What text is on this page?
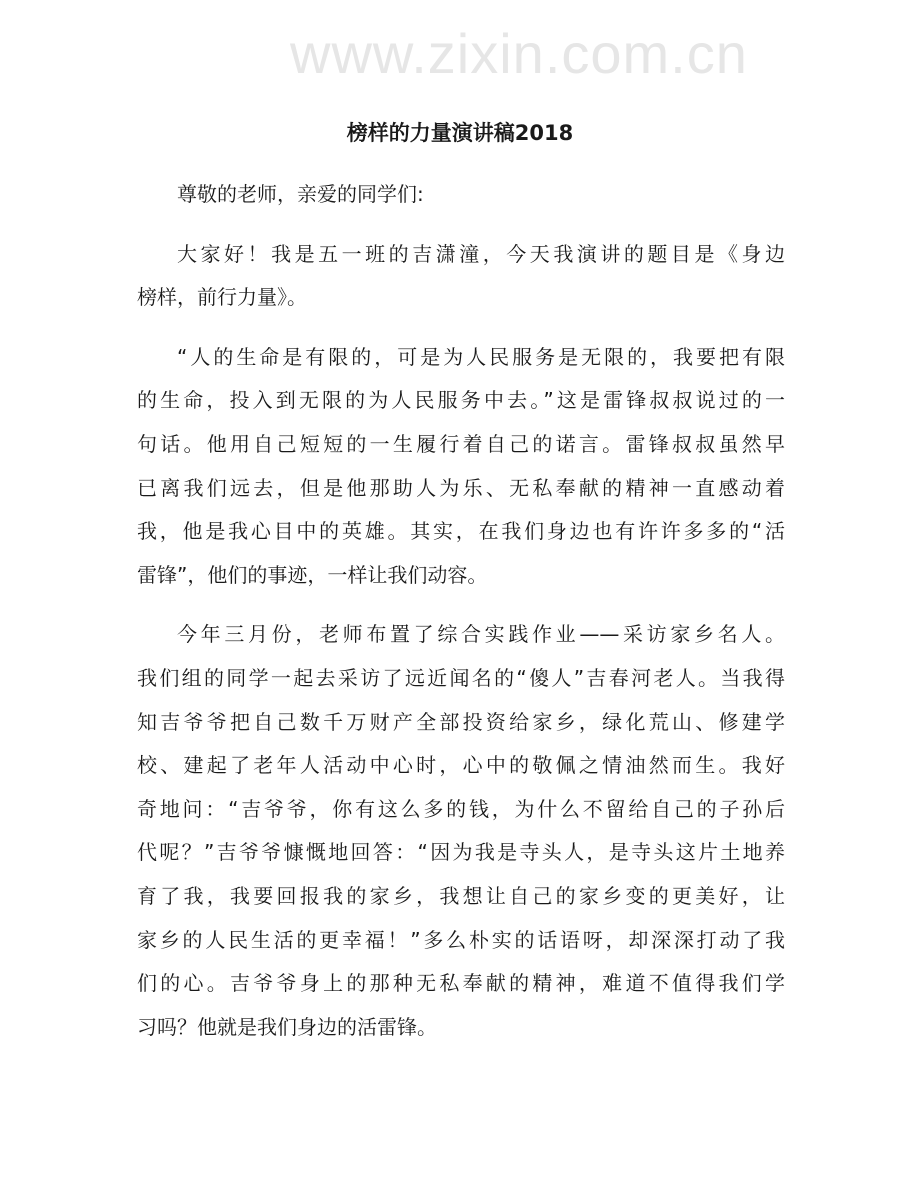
www.zixin.com.cn
榜样的力量演讲稿2018
尊敬的老师，亲爱的同学们:
大家好！我是五一班的吉潇潼，今天我演讲的题目是《身边
榜样，前行力量》。
“人的生命是有限的，可是为人民服务是无限的，我要把有限
的生命，投入到无限的为人民服务中去。”这是雷锋叔叔说过的一
句话。他用自己短短的一生履行着自己的诺言。雷锋叔叔虽然早
已离我们远去，但是他那助人为乐、无私奉献的精神一直感动着
我，他是我心目中的英雄。其实，在我们身边也有许许多多的“活
雷锋”，他们的事迹，一样让我们动容。
今年三月份，老师布置了综合实践作业——采访家乡名人。
我们组的同学一起去采访了远近闻名的“傻人”吉春河老人。当我得
知吉爷爷把自己数千万财产全部投资给家乡，绿化荒山、修建学
校、建起了老年人活动中心时，心中的敬佩之情油然而生。我好
奇地问：“吉爷爷，你有这么多的钱，为什么不留给自己的子孙后
代呢？”吉爷爷慷慨地回答：“因为我是寺头人，是寺头这片土地养
育了我，我要回报我的家乡，我想让自己的家乡变的更美好，让
家乡的人民生活的更幸福！”多么朴实的话语呀，却深深打动了我
们的心。吉爷爷身上的那种无私奉献的精神，难道不值得我们学
习吗？他就是我们身边的活雷锋。
